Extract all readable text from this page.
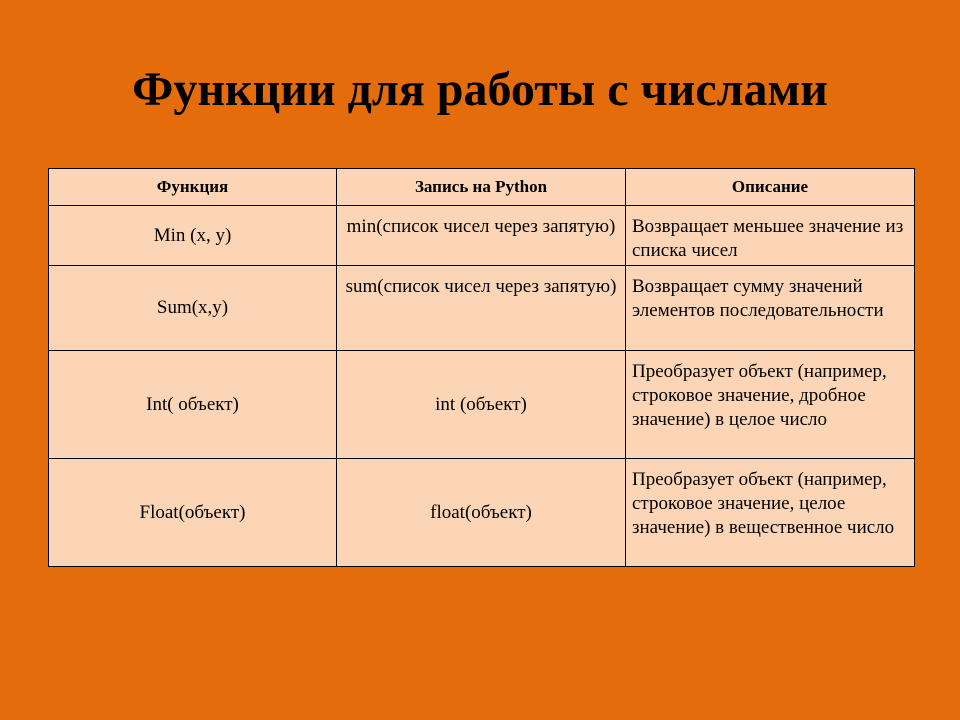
Функции для работы с числами
Функция	Запись на Python	Описание
Min (x, y)	min(список чисел через запятую)	Возвращает меньшее значение из списка чисел
Sum(x,y)	sum(список чисел через запятую)	Возвращает сумму значений элементов последовательности
Int( объект)	int (объект)	Преобразует объект (например, строковое значение, дробное значение) в целое число
Float(объект)	float(объект)	Преобразует объект (например, строковое значение, целое значение) в вещественное число
